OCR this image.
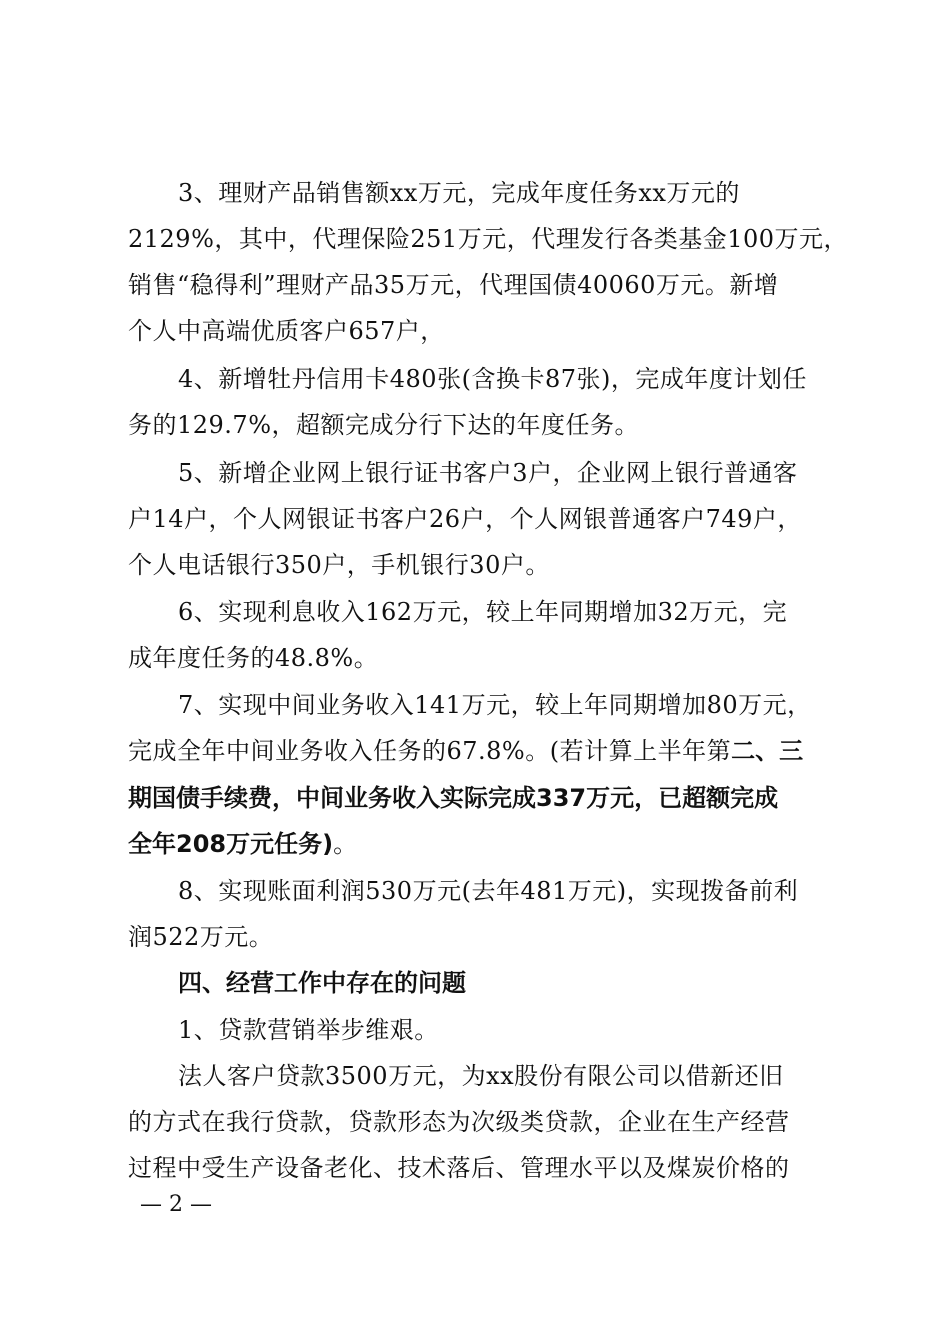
3、理财产品销售额xx万元，完成年度任务xx万元的
2129%，其中，代理保险251万元，代理发行各类基金100万元，
销售“稳得利”理财产品35万元，代理国债40060万元。新增
个人中高端优质客户657户，
4、新增牡丹信用卡480张(含换卡87张)，完成年度计划任
务的129.7%，超额完成分行下达的年度任务。
5、新增企业网上银行证书客户3户，企业网上银行普通客
户14户，个人网银证书客户26户，个人网银普通客户749户，
个人电话银行350户，手机银行30户。
6、实现利息收入162万元，较上年同期增加32万元，完
成年度任务的48.8%。
7、实现中间业务收入141万元，较上年同期增加80万元，
完成全年中间业务收入任务的67.8%。(若计算上半年第二、三
期国债手续费，中间业务收入实际完成337万元，已超额完成
全年208万元任务)。
8、实现账面利润530万元(去年481万元)，实现拨备前利
润522万元。
四、经营工作中存在的问题
1、贷款营销举步维艰。
法人客户贷款3500万元，为xx股份有限公司以借新还旧
的方式在我行贷款，贷款形态为次级类贷款，企业在生产经营
过程中受生产设备老化、技术落后、管理水平以及煤炭价格的
— 2 —
